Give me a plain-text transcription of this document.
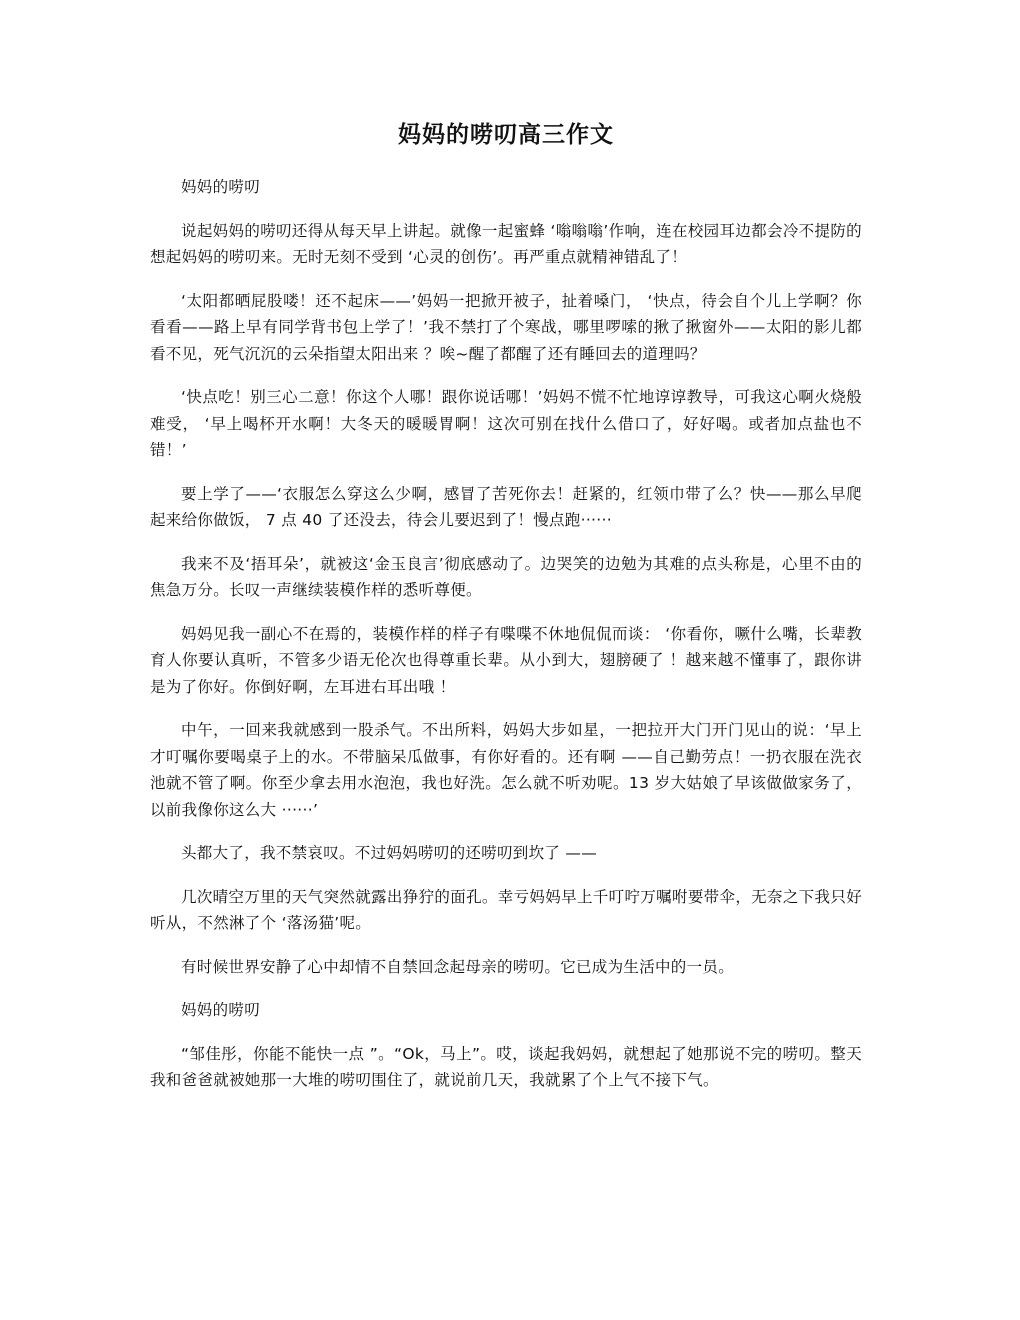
妈妈的唠叨高三作文

妈妈的唠叨

说起妈妈的唠叨还得从每天早上讲起。就像一起蜜蜂 ‘嗡嗡嗡’作响，连在校园耳边都会冷不提防的想起妈妈的唠叨来。无时无刻不受到 ‘心灵的创伤’。再严重点就精神错乱了！

‘太阳都晒屁股喽！还不起床——’妈妈一把掀开被子，扯着嗓门， ‘快点，待会自个儿上学啊？你看看——路上早有同学背书包上学了！’我不禁打了个寒战，哪里啰嗦的揪了揪窗外——太阳的影儿都看不见，死气沉沉的云朵指望太阳出来 ？唉~醒了都醒了还有睡回去的道理吗？

‘快点吃！别三心二意！你这个人哪！跟你说话哪！’妈妈不慌不忙地谆谆教导，可我这心啊火烧般难受， ‘早上喝杯开水啊！大冬天的暖暖胃啊！这次可别在找什么借口了，好好喝。或者加点盐也不错！’

要上学了——‘衣服怎么穿这么少啊，感冒了苦死你去！赶紧的，红领巾带了么？快——那么早爬起来给你做饭， 7 点 40 了还没去，待会儿要迟到了！慢点跑······

我来不及‘捂耳朵’，就被这‘金玉良言’彻底感动了。边哭笑的边勉为其难的点头称是，心里不由的焦急万分。长叹一声继续装模作样的悉听尊便。

妈妈见我一副心不在焉的，装模作样的样子有喋喋不休地侃侃而谈： ‘你看你，噘什么嘴，长辈教育人你要认真听，不管多少语无伦次也得尊重长辈。从小到大，翅膀硬了 ！越来越不懂事了，跟你讲是为了你好。你倒好啊，左耳进右耳出哦 ！

中午，一回来我就感到一股杀气。不出所料，妈妈大步如星，一把拉开大门开门见山的说：‘早上才叮嘱你要喝桌子上的水。不带脑呆瓜做事，有你好看的。还有啊 ——自己勤劳点！一扔衣服在洗衣池就不管了啊。你至少拿去用水泡泡，我也好洗。怎么就不听劝呢。13 岁大姑娘了早该做做家务了，以前我像你这么大 ······’

头都大了，我不禁哀叹。不过妈妈唠叨的还唠叨到坎了 ——

几次晴空万里的天气突然就露出狰狞的面孔。幸亏妈妈早上千叮咛万嘱咐要带伞，无奈之下我只好听从，不然淋了个 ‘落汤猫’呢。

有时候世界安静了心中却情不自禁回念起母亲的唠叨。它已成为生活中的一员。

妈妈的唠叨

“邹佳彤，你能不能快一点 ”。“Ok，马上”。哎，谈起我妈妈，就想起了她那说不完的唠叨。整天我和爸爸就被她那一大堆的唠叨围住了，就说前几天，我就累了个上气不接下气。
